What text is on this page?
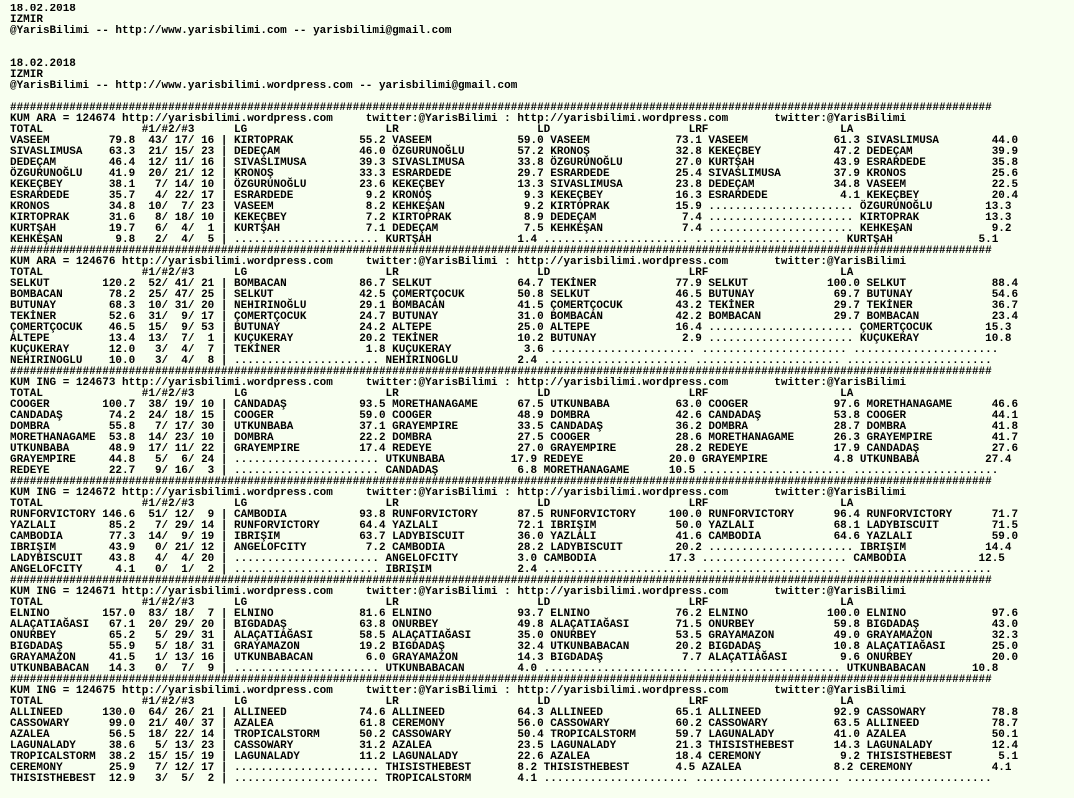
18.02.2018
IZMIR
@YarisBilimi -- http://www.yarisbilimi.com -- yarisbilimi@gmail.com
18.02.2018
IZMIR
@YarisBilimi -- http://www.yarisbilimi.wordpress.com -- yarisbilimi@gmail.com
#####################################################################################################################################################
KUM ARA = 124674 http://yarisbilimi.wordpress.com     twitter:@YarisBilimi : http://yarisbilimi.wordpress.com       twitter:@YarisBilimi
TOTAL               #1/#2/#3      LG                     LR                     LD                     LRF                    LA
VASEEM         79.8  43/ 17/ 16 | KIRTOPRAK          55.2 VASEEM             59.0 VASEEM             73.1 VASEEM             61.3 SIVASLIMUSA        44.0
SIVASLIMUSA    63.3  21/ 15/ 23 | DEDEÇAM            46.0 ÖZGURUNOĞLU        57.2 KRONOŞ             32.8 KEKEÇBEY           47.2 DEDEÇAM            39.9
DEDEÇAM        46.4  12/ 11/ 16 | SIVASLIMUSA        39.3 SIVASLIMUSA        33.8 ÖZGURUNOĞLU        27.0 KURTŞAH            43.9 ESRARDEDE          35.8
ÖZGURUNOĞLU    41.9  20/ 21/ 12 | KRONOŞ             33.3 ESRARDEDE          29.7 ESRARDEDE          25.4 SIVASLIMUSA        37.9 KRONOS             25.6
KEKEÇBEY       38.1   7/ 14/ 10 | ÖZGURUNOĞLU        23.6 KEKEÇBEY           13.3 SIVASLIMUSA        23.8 DEDEÇAM            34.8 VASEEM             22.5
ESRARDEDE      35.7   4/ 22/ 17 | ESRARDEDE           9.2 KRONOŞ              9.3 KEKEÇBEY           16.3 ESRARDEDE           4.1 KEKEÇBEY           20.4
KRONOS         34.8  10/  7/ 23 | VASEEM              8.2 KEHKEŞAN            9.2 KIRTOPRAK          15.9 ...................... ÖZGURUNOĞLU        13.3
KIRTOPRAK      31.6   8/ 18/ 10 | KEKEÇBEY            7.2 KIRTOPRAK           8.9 DEDEÇAM             7.4 ...................... KIRTOPRAK          13.3
KURTŞAH        19.7   6/  4/  1 | KURTŞAH             7.1 DEDEÇAM             7.5 KEHKEŞAN            7.4 ...................... KEHKEŞAN            9.2
KEHKEŞAN        9.8   2/  4/  5 | ...................... KURTŞAH             1.4 ...................... ...................... KURTŞAH             5.1
#####################################################################################################################################################
KUM ARA = 124676 http://yarisbilimi.wordpress.com     twitter:@YarisBilimi : http://yarisbilimi.wordpress.com       twitter:@YarisBilimi
TOTAL               #1/#2/#3      LG                     LR                     LD                     LRF                    LA
SELKUT        120.2  52/ 41/ 21 | BOMBACAN           86.7 SELKUT             64.7 TEKİNER            77.9 SELKUT            100.0 SELKUT             88.4
BOMBACAN       78.2  25/ 47/ 25 | SELKUT             42.5 ÇOMERTÇOCUK        50.8 SELKUT             46.5 BUTUNAY            69.7 BUTUNAY            54.6
BUTUNAY        68.3  10/ 31/ 20 | NEHIRINOĞLU        29.1 BOMBACAN           41.5 ÇOMERTÇOCUK        43.2 TEKİNER            29.7 TEKİNER            36.7
TEKİNER        52.6  31/  9/ 17 | ÇOMERTÇOCUK        24.7 BUTUNAY            31.0 BOMBACAN           42.2 BOMBACAN           29.7 BOMBACAN           23.4
ÇOMERTÇOCUK    46.5  15/  9/ 53 | BUTUNAY            24.2 ALTEPE             25.0 ALTEPE             16.4 ...................... ÇOMERTÇOCUK        15.3
ALTEPE         13.4  13/  7/  1 | KUÇUKERAY          20.2 TEKİNER            10.2 BUTUNAY             2.9 ...................... KUÇUKERAY          10.8
KUÇUKERAY      12.0   3/  4/  7 | TEKİNER             1.8 KUÇUKERAY           3.6 ...................... ...................... ......................
NEHIRINOGLU    10.0   3/  4/  8 | ...................... NEHIRINOGLU         2.4 ...................... ...................... ......................
#####################################################################################################################################################
KUM ING = 124673 http://yarisbilimi.wordpress.com     twitter:@YarisBilimi : http://yarisbilimi.wordpress.com       twitter:@YarisBilimi
TOTAL               #1/#2/#3      LG                     LR                     LD                     LRF                    LA
COOGER        100.7  38/ 19/ 10 | CANDADAŞ           93.5 MORETHANAGAME      67.5 UTKUNBABA          63.0 COOGER             97.6 MORETHANAGAME      46.6
CANDADAŞ       74.2  24/ 18/ 15 | COOGER             59.0 COOGER             48.9 DOMBRA             42.6 CANDADAŞ           53.8 COOGER             44.1
DOMBRA         55.8   7/ 17/ 30 | UTKUNBABA          37.1 GRAYEMPIRE         33.5 CANDADAŞ           36.2 DOMBRA             28.7 DOMBRA             41.8
MORETHANAGAME  53.8  14/ 23/ 10 | DOMBRA             22.2 DOMBRA             27.5 COOGER             28.6 MORETHANAGAME      26.3 GRAYEMPIRE         41.7
UTKUNBABA      48.9  17/ 11/ 22 | GRAYEMPIRE         17.4 REDEYE             27.0 GRAYEMPIRE         28.2 REDEYE             17.9 CANDADAŞ           27.6
GRAYEMPIRE     44.8   5/  6/ 24 | ...................... UTKUNBABA          17.9 REDEYE             20.0 GRAYEMPIRE          4.8 UTKUNBABA          27.4
REDEYE         22.7   9/ 16/  3 | ...................... CANDADAŞ            6.8 MORETHANAGAME      10.5 ...................... ......................
#####################################################################################################################################################
KUM ING = 124672 http://yarisbilimi.wordpress.com     twitter:@YarisBilimi : http://yarisbilimi.wordpress.com       twitter:@YarisBilimi
TOTAL               #1/#2/#3      LG                     LR                     LD                     LRF                    LA
RUNFORVICTORY 146.6  51/ 12/  9 | CAMBODIA           93.8 RUNFORVICTORY      87.5 RUNFORVICTORY     100.0 RUNFORVICTORY      96.4 RUNFORVICTORY      71.7
YAZLALI        85.2   7/ 29/ 14 | RUNFORVICTORY      64.4 YAZLALI            72.1 IBRIŞIM            50.0 YAZLALI            68.1 LADYBISCUIT        71.5
CAMBODIA       77.3  14/  9/ 19 | IBRIŞIM            63.7 LADYBISCUIT        36.0 YAZLALI            41.6 CAMBODIA           64.6 YAZLALI            59.0
IBRIŞIM        43.9   0/ 21/ 12 | ANGELOFCITY         7.2 CAMBODIA           28.2 LADYBISCUIT        20.2 ...................... IBRIŞIM            14.4
LADYBISCUIT    43.8   4/  4/ 20 | ...................... ANGELOFCITY         3.0 CAMBODIA           17.3 ...................... CAMBODIA           12.5
ANGELOFCITY     4.1   0/  1/  2 | ...................... IBRIŞIM             2.4 ...................... ...................... ......................
#####################################################################################################################################################
KUM ING = 124671 http://yarisbilimi.wordpress.com     twitter:@YarisBilimi : http://yarisbilimi.wordpress.com       twitter:@YarisBilimi
TOTAL               #1/#2/#3      LG                     LR                     LD                     LRF                    LA
ELNINO        157.0  83/ 18/  7 | ELNINO             81.6 ELNINO             93.7 ELNINO             76.2 ELNINO            100.0 ELNINO             97.6
ALAÇATIAĞASI   67.1  20/ 29/ 20 | BIGDADAŞ           63.8 ONURBEY            49.8 ALAÇATIAĞASI       71.5 ONURBEY            59.8 BIGDADAŞ           43.0
ONURBEY        65.2   5/ 29/ 31 | ALAÇATIAĞASI       58.5 ALAÇATIAĞASI       35.0 ONURBEY            53.5 GRAYAMAZON         49.0 GRAYAMAZON         32.3
BIGDADAŞ       55.9   5/ 18/ 31 | GRAYAMAZON         19.2 BIGDADAŞ           32.4 UTKUNBABACAN       20.2 BIGDADAŞ           10.8 ALAÇATIAĞASI       25.0
GRAYAMAZON     41.5   1/ 13/ 16 | UTKUNBABACAN        6.0 GRAYAMAZON         14.3 BIGDADAŞ            7.7 ALAÇATIAĞASI        9.6 ONURBEY            20.0
UTKUNBABACAN   14.3   0/  7/  9 | ...................... UTKUNBABACAN        4.0 ...................... ...................... UTKUNBABACAN       10.8
#####################################################################################################################################################
KUM ING = 124675 http://yarisbilimi.wordpress.com     twitter:@YarisBilimi : http://yarisbilimi.wordpress.com       twitter:@YarisBilimi
TOTAL               #1/#2/#3      LG                     LR                     LD                     LRF                    LA
ALLINEED      130.0  64/ 26/ 21 | ALLINEED           74.6 ALLINEED           64.3 ALLINEED           65.1 ALLINEED           92.9 CASSOWARY          78.8
CASSOWARY      99.0  21/ 40/ 37 | AZALEA             61.8 CEREMONY           56.0 CASSOWARY          60.2 CASSOWARY          63.5 ALLINEED           78.7
AZALEA         56.5  18/ 22/ 14 | TROPICALSTORM      50.2 CASSOWARY          50.4 TROPICALSTORM      59.7 LAGUNALADY         41.0 AZALEA             50.1
LAGUNALADY     38.6   5/ 13/ 23 | CASSOWARY          31.2 AZALEA             23.5 LAGUNALADY         21.3 THISISTHEBEST      14.3 LAGUNALADY         12.4
TROPICALSTORM  38.2  15/ 15/ 19 | LAGUNALADY         11.2 LAGUNALADY         22.6 AZALEA             18.4 CEREMONY            9.2 THISISTHEBEST       5.1
CEREMONY       25.9   7/ 12/ 17 | ...................... THISISTHEBEST       8.2 THISISTHEBEST       4.5 AZALEA              8.2 CEREMONY            4.1
THISISTHEBEST  12.9   3/  5/  2 | ...................... TROPICALSTORM       4.1 ...................... ...................... ......................
